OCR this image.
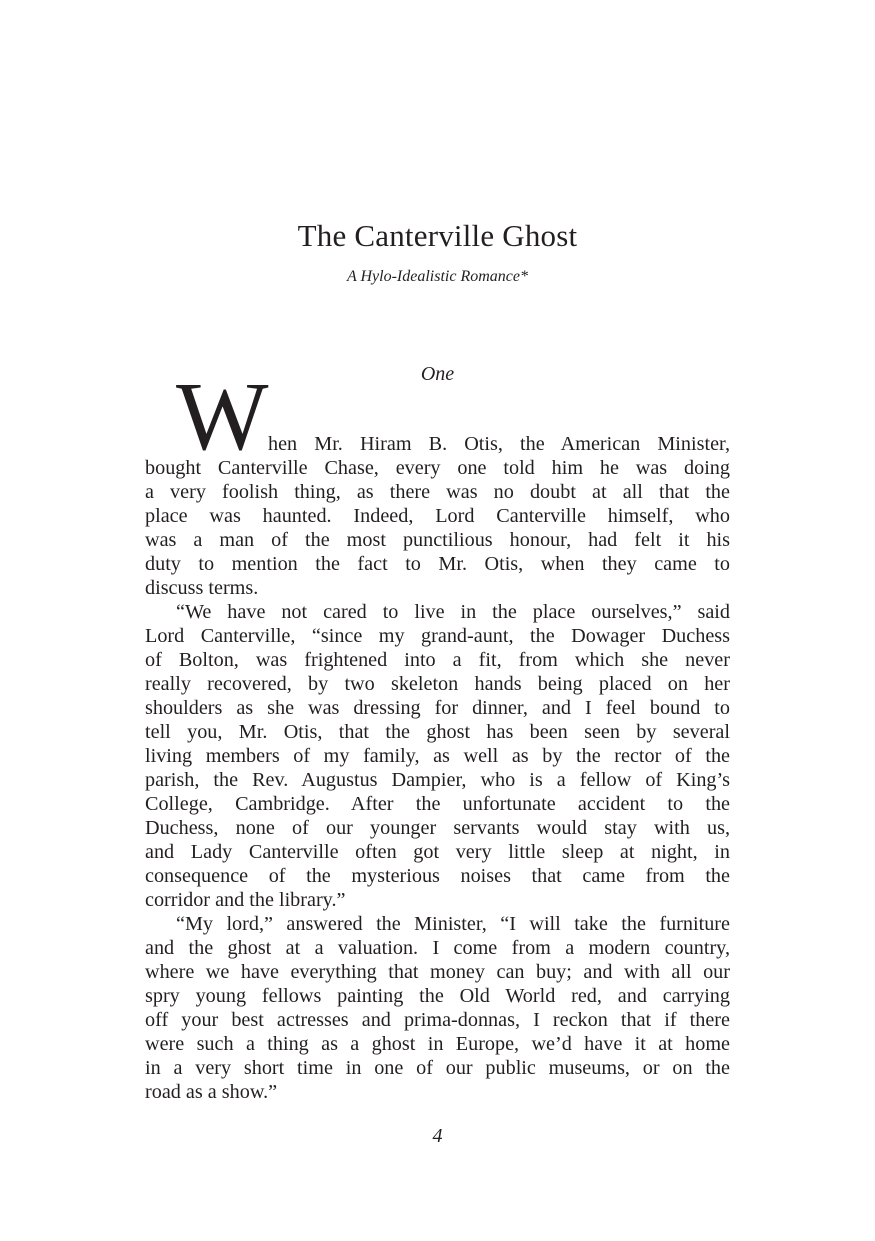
The Canterville Ghost
A Hylo-Idealistic Romance*
One
W hen Mr. Hiram B. Otis, the American Minister,
bought Canterville Chase, every one told him he was doing
a very foolish thing, as there was no doubt at all that the
place was haunted. Indeed, Lord Canterville himself, who
was a man of the most punctilious honour, had felt it his
duty to mention the fact to Mr. Otis, when they came to
discuss terms.
“We have not cared to live in the place ourselves,” said
Lord Canterville, “since my grand-aunt, the Dowager Duchess
of Bolton, was frightened into a fit, from which she never
really recovered, by two skeleton hands being placed on her
shoulders as she was dressing for dinner, and I feel bound to
tell you, Mr. Otis, that the ghost has been seen by several
living members of my family, as well as by the rector of the
parish, the Rev. Augustus Dampier, who is a fellow of King’s
College, Cambridge. After the unfortunate accident to the
Duchess, none of our younger servants would stay with us,
and Lady Canterville often got very little sleep at night, in
consequence of the mysterious noises that came from the
corridor and the library.”
“My lord,” answered the Minister, “I will take the furniture
and the ghost at a valuation. I come from a modern country,
where we have everything that money can buy; and with all our
spry young fellows painting the Old World red, and carrying
off your best actresses and prima-donnas, I reckon that if there
were such a thing as a ghost in Europe, we’d have it at home
in a very short time in one of our public museums, or on the
road as a show.”
4
